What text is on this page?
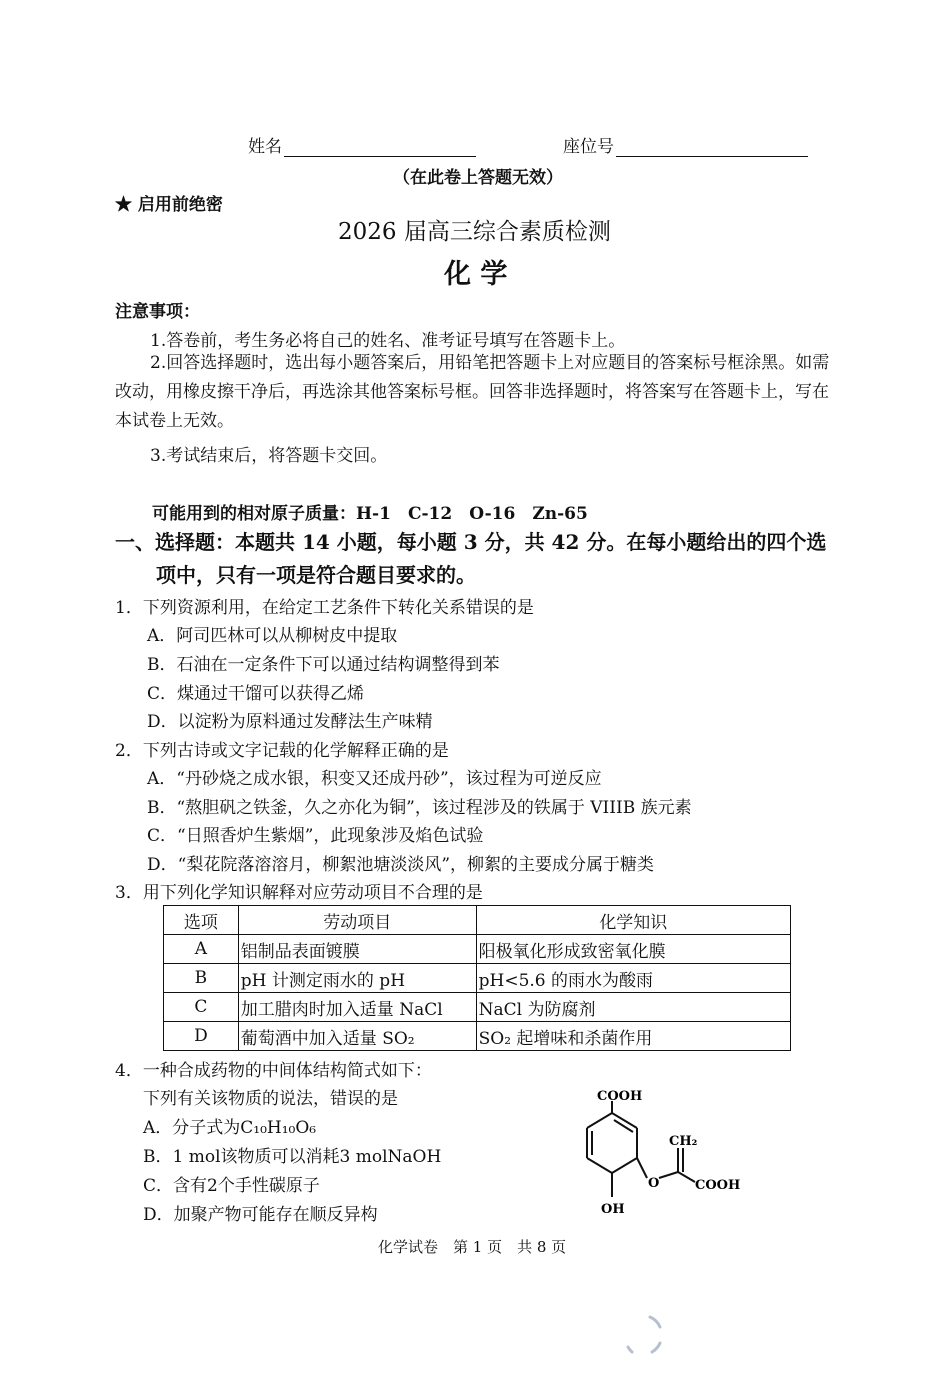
姓名	座位号
（在此卷上答题无效）
★ 启用前绝密
2026 届高三综合素质检测
化 学
注意事项：
1.答卷前，考生务必将自己的姓名、准考证号填写在答题卡上。
2.回答选择题时，选出每小题答案后，用铅笔把答题卡上对应题目的答案标号框涂黑。如需改动，用橡皮擦干净后，再选涂其他答案标号框。回答非选择题时，将答案写在答题卡上，写在本试卷上无效。
3.考试结束后，将答题卡交回。
可能用到的相对原子质量：H-1　C-12　O-16　Zn-65
一、选择题：本题共 14 小题，每小题 3 分，共 42 分。在每小题给出的四个选
项中，只有一项是符合题目要求的。
1．下列资源利用，在给定工艺条件下转化关系错误的是
A．阿司匹林可以从柳树皮中提取
B．石油在一定条件下可以通过结构调整得到苯
C．煤通过干馏可以获得乙烯
D．以淀粉为原料通过发酵法生产味精
2．下列古诗或文字记载的化学解释正确的是
A．“丹砂烧之成水银，积变又还成丹砂”，该过程为可逆反应
B．“熬胆矾之铁釜，久之亦化为铜”，该过程涉及的铁属于 VIIIB 族元素
C．“日照香炉生紫烟”，此现象涉及焰色试验
D．“梨花院落溶溶月，柳絮池塘淡淡风”，柳絮的主要成分属于糖类
3．用下列化学知识解释对应劳动项目不合理的是
选项	劳动项目	化学知识
A	铝制品表面镀膜	阳极氧化形成致密氧化膜
B	pH 计测定雨水的 pH	pH<5.6 的雨水为酸雨
C	加工腊肉时加入适量 NaCl	NaCl 为防腐剂
D	葡萄酒中加入适量 SO₂	SO₂ 起增味和杀菌作用
4．一种合成药物的中间体结构简式如下：
下列有关该物质的说法，错误的是
A．分子式为C₁₀H₁₀O₆
B．1 mol该物质可以消耗3 molNaOH
C．含有2个手性碳原子
D．加聚产物可能存在顺反异构
COOH
CH₂
O	COOH
OH
化学试卷　第 1 页　共 8 页
